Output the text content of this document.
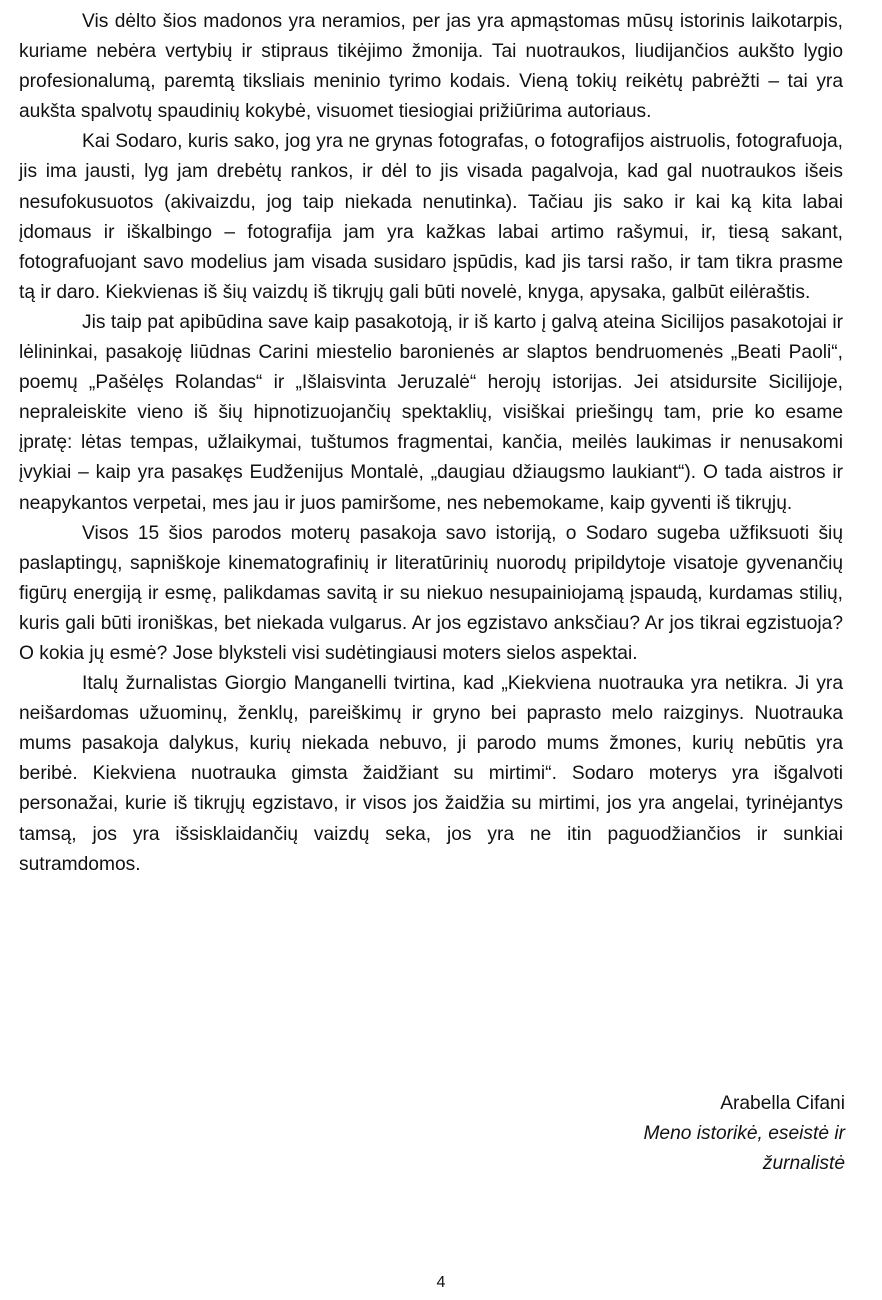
Vis dėlto šios madonos yra neramios, per jas yra apmąstomas mūsų istorinis laikotarpis, kuriame nebėra vertybių ir stipraus tikėjimo žmonija. Tai nuotraukos, liudijančios aukšto lygio profesionalumą, paremtą tiksliais meninio tyrimo kodais. Vieną tokių reikėtų pabrėžti – tai yra aukšta spalvotų spaudinių kokybė, visuomet tiesiogiai prižiūrima autoriaus.

Kai Sodaro, kuris sako, jog yra ne grynas fotografas, o fotografijos aistruolis, fotografuoja, jis ima jausti, lyg jam drebėtų rankos, ir dėl to jis visada pagalvoja, kad gal nuotraukos išeis nesufokusuotos (akivaizdu, jog taip niekada nenutinka). Tačiau jis sako ir kai ką kita labai įdomaus ir iškalbingo – fotografija jam yra kažkas labai artimo rašymui, ir, tiesą sakant, fotografuojant savo modelius jam visada susidaro įspūdis, kad jis tarsi rašo, ir tam tikra prasme tą ir daro. Kiekvienas iš šių vaizdų iš tikrųjų gali būti novelė, knyga, apysaka, galbūt eilėraštis.

Jis taip pat apibūdina save kaip pasakotoją, ir iš karto į galvą ateina Sicilijos pasakotojai ir lėlininkai, pasakoję liūdnas Carini miestelio baronienės ar slaptos bendruomenės „Beati Paoli“, poemų „Pašėlęs Rolandas“ ir „Išlaisvinta Jeruzalė“ herojų istorijas. Jei atsidursite Sicilijoje, nepraleiskite vieno iš šių hipnotizuojančių spektaklių, visiškai priešingų tam, prie ko esame įpratę: lėtas tempas, užlaikymai, tuštumos fragmentai, kančia, meilės laukimas ir nenusakomi įvykiai – kaip yra pasakęs Eudženijus Montalė, „daugiau džiaugsmo laukiant“). O tada aistros ir neapykantos verpetai, mes jau ir juos pamiršome, nes nebemokame, kaip gyventi iš tikrųjų.

Visos 15 šios parodos moterų pasakoja savo istoriją, o Sodaro sugeba užfiksuoti šių paslaptingų, sapniškoje kinematografinių ir literatūrinių nuorodų pripildytoje visatoje gyvenančių figūrų energiją ir esmę, palikdamas savitą ir su niekuo nesupainiojamą įspaudą, kurdamas stilių, kuris gali būti ironiškas, bet niekada vulgarus. Ar jos egzistavo anksčiau? Ar jos tikrai egzistuoja? O kokia jų esmė? Jose blyksteli visi sudėtingiausi moters sielos aspektai.

Italų žurnalistas Giorgio Manganelli tvirtina, kad „Kiekviena nuotrauka yra netikra. Ji yra neišardomas užuominų, ženklų, pareiškimų ir gryno bei paprasto melo raizginys. Nuotrauka mums pasakoja dalykus, kurių niekada nebuvo, ji parodo mums žmones, kurių nebūtis yra beribė. Kiekviena nuotrauka gimsta žaidžiant su mirtimi“. Sodaro moterys yra išgalvoti personažai, kurie iš tikrųjų egzistavo, ir visos jos žaidžia su mirtimi, jos yra angelai, tyrinėjantys tamsą, jos yra išsisklaidančių vaizdų seka, jos yra ne itin paguodžiančios ir sunkiai sutramdomos.

Arabella Cifani
Meno istorikė, eseistė ir
žurnalistė
4
